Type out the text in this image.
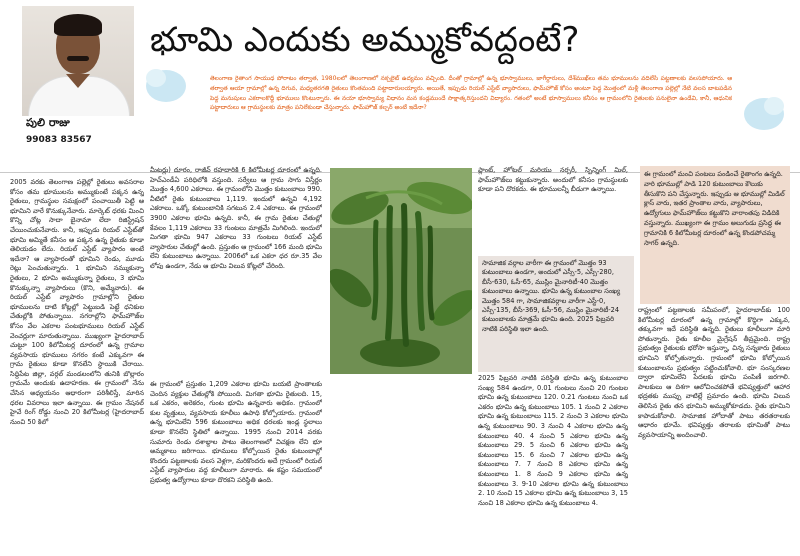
పులి రాజు
99083 83567
భూమి ఎందుకు అమ్ముకోవద్దంటే?
తెలంగాణ రైతాంగ సాయుధ పోరాటం తర్వాత, 1980లలో తెలంగాణలో నక్సలైట్ ఉద్యమం వచ్చింది. దీంతో గ్రామాల్లో ఉన్న భూస్వాములు, జాగీర్దారులు, దేశ్‌ముఖ్‌లు తమ భూములను వదిలేసి పట్టణాలకు వలసపోయారు. ఆ తర్వాత ఆయా గ్రామాల్లో ఉన్న దిగువ, మధ్యతరగతి రైతులు కొంతమంది పట్టాదారులయ్యారు. అయితే, ఇప్పుడు రియల్ ఎస్టేట్ వ్యాపారులు, ఫామ్‌హౌజ్ కోసం అంటూ పెద్ద మొత్తంలో మళ్లీ తెలంగాణ పల్లెల్లో నేటి వలస బాటపడిన పెద్ద మనుషులు ఎకరాలకొద్దీ భూములు కొంటున్నారు. ఈ నయా భూస్వామ్య విధానం మన కండ్లముందే సాక్షాత్కరిస్తుందని విద్యారం. గతంలో అంటే భూస్వాములు కనీసం ఆ గ్రామంలోని రైతులకు పనులైనా ఉండేవి, కానీ, ఆధునిక పట్టాదారులు ఆ గ్రామస్థులకు మాత్రం పనిలేకుండా చేస్తున్నారు. ఫామ్‌హౌజ్ కల్చర్ అంటే ఇదేనా?
2005 వరకు తెలంగాణ పల్లెల్లో రైతులు అవసరాల కోసం తమ భూములను అమ్ముకుంటే పక్కన ఉన్న రైతులు, గ్రామస్థుల సమక్షంలో పంచాయితీ పెట్టి ఆ భూమిని వారే కొనుక్కునేవారు. మార్కెట్ ధరకు మించి కొన్ని చోట్ల సాదా బైనామా లేదా రిజిస్ట్రేషన్ చేయించుకునేవారు. కానీ, ఇప్పుడు రియల్ ఎస్టేట్‌తో భూమి అమ్మితే కనీసం ఆ పక్కన ఉన్న రైతుకు కూడా తెలియడం లేదు. రియల్ ఎస్టేట్ వ్యాపారం అంటే ఇదేనా? ఆ వ్యాపారంతో భూమిని రెండు, మూడు రెట్లు పెంచుతున్నారు. 1 భూమిని నమ్ముకున్నా రైతులు, 2 భూమి అమ్ముకున్నా రైతులు, 3 భూమి కొనుక్కున్నా వ్యాపారులు (కొని, అమ్మేవారు). ఈ రియల్ ఎస్టేట్ వ్యాపారం గ్రామాల్లోని రైతుల భూములను దాటి కోట్లల్లో పెట్టుబడి పెట్టే ధనికుల చేతుల్లోకి పోతున్నాయి. నగరాల్లోని ఫామ్‌హౌజ్‌ల కోసం వేల ఎకరాల పంటభూములు రియల్ ఎస్టేట్ వెంచర్లుగా మారుతున్నాయి. ముఖ్యంగా హైదరాబాద్ చుట్టూ 100 కిలోమీటర్ల దూరంలో ఉన్న గ్రామాల వ్యవసాయ భూములు నగరం కంటే ఎక్కువగా ఈ గ్రామ రైతులు కూడా కొనలేని స్థాయికి చేరాయి. సిద్దిపేట జిల్లా, వర్గల్ మండలంలోని తునికి బొల్లారం గ్రామమే అందుకు ఉదాహరణ. ఈ గ్రామంలో నేను చేసిన అధ్యయనం ఆధారంగా పరిశీలిస్తే, మారిన ధరల వివరాలు ఇలా ఉన్నాయి. ఈ గ్రామం నేషనల్ హైవే రింగ్ రోడ్డు నుంచి 20 కిలోమీటర్ల (హైదరాబాద్ నుంచి 50 కిలో
మీటర్లు) దూరం, రాజీవ్ రహదారికి 6 కిలోమీటర్ల దూరంలో ఉన్నది. హెచ్ఎండీఏ పరిధిలోకి వస్తుంది. సర్వేలు ఆ గ్రామ సాగు విస్తీర్ణం మొత్తం 4,600 ఎకరాలు. ఈ గ్రామంలోని మొత్తం కుటుంబాలు 990. వీటిలో రైతు కుటుంబాలు 1,119. ఇందులో ఉన్నవి 4,192 ఎకరాలు. ఒక్కో కుటుంబానికి సగటున 2.4 ఎకరాలు. ఈ గ్రామంలో 3900 ఎకరాల భూమి ఉన్నది. కానీ, ఈ గ్రామ రైతుల చేతుల్లో కేవలం 1,119 ఎకరాలు 33 గుంటలు మాత్రమే మిగిలింది. ఇందులో మిగతా భూమి 947 ఎకరాలు 33 గుంటలు రియల్ ఎస్టేట్ వ్యాపారుల చేతుల్లో ఉంది. ప్రస్తుతం ఆ గ్రామంలో 166 మంది భూమి లేని కుటుంబాలు ఉన్నాయి. 2006లో ఒక ఎకరా ధర రూ.35 వేల లోపు ఉండగా, నేడు ఆ భూమి విలువ కోట్లలో చేరింది.
ఈ గ్రామంలో ప్రస్తుతం 1,209 ఎకరాల భూమి బయటి ప్రాంతాలకు చెందిన వ్యక్తుల చేతుల్లోకి పోయింది. మిగతా భూమి రైతులది. 15, ఒక ఎకరం, అరెకరం, గుంట భూమి ఉన్నవారు అధికం. గ్రామంలో కుల వృత్తులు, వ్యవసాయ కూలీలు ఉపాధి కోల్పోయారు. గ్రామంలో ఉన్న భూమిలేని 596 కుటుంబాలు అధిక ధరలకు ఇండ్ల స్థలాలు కూడా కొనలేని స్థితిలో ఉన్నాయి. 1995 నుంచి 2014 వరకు సుమారు రెండు దశాబ్దాల పాటు తెలంగాణలో విచక్షణ లేని భూ అమ్మకాలు జరిగాయి. భూములు కోల్పోయిన రైతు కుటుంబాల్లో కొందరు పట్టణాలకు వలస వెళ్లగా, మరికొందరు అదే గ్రామంలో రియల్ ఎస్టేట్ వ్యాపారుల వద్ద కూలీలుగా మారారు. ఈ కష్టం సమయంలో ప్రభుత్వ ఉద్యోగాలు కూడా దొరకని పరిస్థితి ఉంది.
ప్లాంట్, హోటల్ మరియు నర్సరీ, స్పిన్నింగ్ మిల్, ఫామ్‌హౌజ్‌లు కట్టుకున్నారు. అందులో కనీసం గ్రామస్థులకు కూడా పని దొరకదు. ఈ భూములన్నీ బీడుగా ఉన్నాయి.
సామాజిక వర్గాల వారీగా ఈ గ్రామంలో మొత్తం 93 కుటుంబాలు ఉండగా, అందులో ఎస్సీ-5, ఎస్సీ-280, బీసీ-630, ఓసీ-65, ముస్లిం మైనారిటీ-40 మొత్తం కుటుంబాలు ఉన్నాయి. భూమి ఉన్న కుటుంబాల సంఖ్య మొత్తం 584 గా, సామాజికవర్గాల వారీగా ఎస్టీ-0, ఎస్సీ-135, బీసీ-369, ఓసీ-56, ముస్లిం మైనారిటీ-24 కుటుంబాలకు మాత్రమే భూమి ఉంది. 2025 ఫిబ్రవరి నాటికి పరిస్థితి ఇలా ఉంది.
2025 ఫిబ్రవరి నాటికి పరిస్థితి భూమి ఉన్న కుటుంబాల సంఖ్య 584 ఉండగా, 0.01 గుంటలు నుంచి 20 గుంటల భూమి ఉన్న కుటుంబాలు 120. 0.21 గుంటలు నుంచి ఒక ఎకరం భూమి ఉన్న కుటుంబాలు 105. 1 నుంచి 2 ఎకరాల భూమి ఉన్న కుటుంబాలు 115. 2 నుంచి 3 ఎకరాల భూమి ఉన్న కుటుంబాలు 90. 3 నుంచి 4 ఎకరాల భూమి ఉన్న కుటుంబాలు 40. 4 నుంచి 5 ఎకరాల భూమి ఉన్న కుటుంబాలు 29. 5 నుంచి 6 ఎకరాల భూమి ఉన్న కుటుంబాలు 15. 6 నుంచి 7 ఎకరాల భూమి ఉన్న కుటుంబాలు 7. 7 నుంచి 8 ఎకరాల భూమి ఉన్న కుటుంబాలు 1. 8 నుంచి 9 ఎకరాల భూమి ఉన్న కుటుంబాలు 3. 9-10 ఎకరాల భూమి ఉన్న కుటుంబాలు 2. 10 నుంచి 15 ఎకరాల భూమి ఉన్న కుటుంబాలు 3, 15 నుంచి 18 ఎకరాల భూమి ఉన్న కుటుంబాలు 4.
ఈ గ్రామంలో మంచి పంటలు పండించే రైతాంగం ఉన్నది. వారి భూముల్లో పాడి 120 కుటుంబాలు కౌలుకు తీసుకొని పని చేస్తున్నారు. ఇప్పుడు ఆ భూముల్లో మిడిల్ క్లాస్ వారు, ఇతర ప్రాంతాల వారు, వ్యాపారులు, ఉద్యోగులు ఫామ్‌హౌజ్‌లు కట్టుకొని వారాంతపు విడిదికి వస్తున్నారు. ముఖ్యంగా ఈ గ్రామం అలుగుడు ప్రసిద్ధ ఈ గ్రామానికి 6 కిలోమీటర్ల దూరంలో ఉన్న కొండపోచమ్మ సాగర్ ఉన్నది.
రాష్ట్రంలో పట్టణాలకు సమీపంలో, హైదరాబాద్‌కు 100 కిలోమీటర్ల దూరంలో ఉన్న గ్రామాల్లో కొద్దిగా ఎక్కువ, తక్కువగా ఇదే పరిస్థితి ఉన్నది. రైతులు కూలీలుగా మారి పోతున్నారు. రైతు కూలీల మైగ్రేషన్ తీవ్రమైంది. రాష్ట్ర ప్రభుత్వం రైతులకు భరోసా ఇస్తున్నా, చిన్న సన్నకారు రైతులు భూమిని కోల్పోతున్నారు. గ్రామంలో భూమి కోల్పోయిన కుటుంబాలను ప్రభుత్వం పట్టించుకోవాలి. భూ సంస్కరణల ద్వారా భూమిలేని పేదలకు భూమి పంపిణీ జరగాలి. పాలకులు ఆ దిశగా ఆలోచించకపోతే భవిష్యత్తులో ఆహార భద్రతకు ముప్పు వాటిల్లే ప్రమాదం ఉంది. భూమి విలువ తెలిసిన రైతు తన భూమిని అమ్ముకోకూడదు. రైతు భూమిని కాపాడుకోవాలి. సామాజిక హోదాతో పాటు తరతరాలకు ఆధారం భూమే. భవిష్యత్తు తరాలకు భూమితో పాటు వ్యవసాయాన్ని అందించాలి.
